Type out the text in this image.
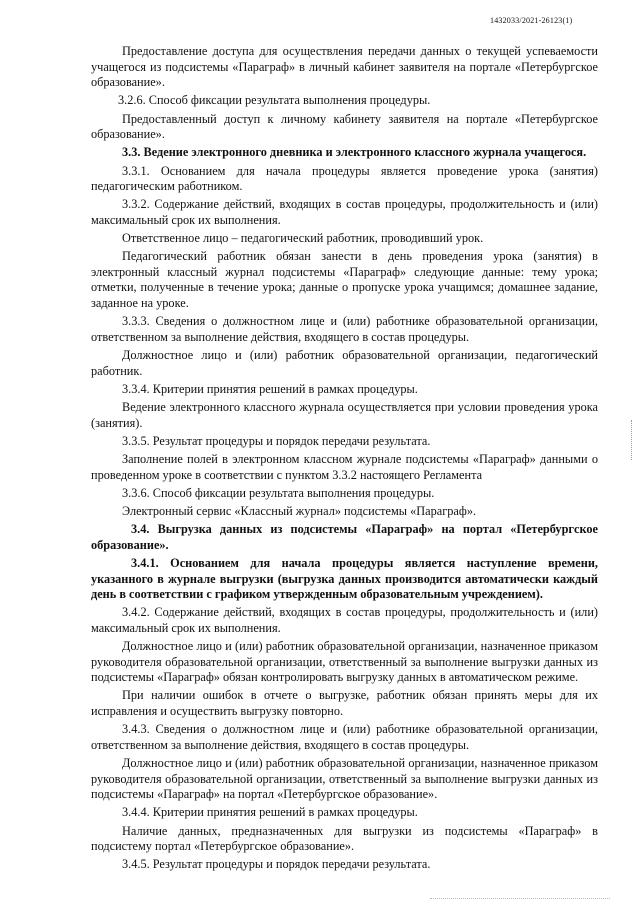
1432033/2021-26123(1)

Предоставление доступа для осуществления передачи данных о текущей успеваемости учащегося из подсистемы «Параграф» в личный кабинет заявителя на портале «Петербургское образование».

3.2.6. Способ фиксации результата выполнения процедуры.

Предоставленный доступ к личному кабинету заявителя на портале «Петербургское образование».

3.3. Ведение электронного дневника и электронного классного журнала учащегося.

3.3.1. Основанием для начала процедуры является проведение урока (занятия) педагогическим работником.

3.3.2. Содержание действий, входящих в состав процедуры, продолжительность и (или) максимальный срок их выполнения.

Ответственное лицо – педагогический работник, проводивший урок.

Педагогический работник обязан занести в день проведения урока (занятия) в электронный классный журнал подсистемы «Параграф» следующие данные: тему урока; отметки, полученные в течение урока; данные о пропуске урока учащимся; домашнее задание, заданное на уроке.

3.3.3. Сведения о должностном лице и (или) работнике образовательной организации, ответственном за выполнение действия, входящего в состав процедуры.

Должностное лицо и (или) работник образовательной организации, педагогический работник.

3.3.4. Критерии принятия решений в рамках процедуры.

Ведение электронного классного журнала осуществляется при условии проведения урока (занятия).

3.3.5. Результат процедуры и порядок передачи результата.

Заполнение полей в электронном классном журнале подсистемы «Параграф» данными о проведенном уроке в соответствии с пунктом 3.3.2 настоящего Регламента

3.3.6. Способ фиксации результата выполнения процедуры.

Электронный сервис «Классный журнал» подсистемы «Параграф».

3.4. Выгрузка данных из подсистемы «Параграф» на портал «Петербургское образование».

3.4.1. Основанием для начала процедуры является наступление времени, указанного в журнале выгрузки (выгрузка данных производится автоматически каждый день в соответствии с графиком утвержденным образовательным учреждением).

3.4.2. Содержание действий, входящих в состав процедуры, продолжительность и (или) максимальный срок их выполнения.

Должностное лицо и (или) работник образовательной организации, назначенное приказом руководителя образовательной организации, ответственный за выполнение выгрузки данных из подсистемы «Параграф» обязан контролировать выгрузку данных в автоматическом режиме.

При наличии ошибок в отчете о выгрузке, работник обязан принять меры для их исправления и осуществить выгрузку повторно.

3.4.3. Сведения о должностном лице и (или) работнике образовательной организации, ответственном за выполнение действия, входящего в состав процедуры.

Должностное лицо и (или) работник образовательной организации, назначенное приказом руководителя образовательной организации, ответственный за выполнение выгрузки данных из подсистемы «Параграф» на портал «Петербургское образование».

3.4.4. Критерии принятия решений в рамках процедуры.

Наличие данных, предназначенных для выгрузки из подсистемы «Параграф» в подсистему портал «Петербургское образование».

3.4.5. Результат процедуры и порядок передачи результата.
